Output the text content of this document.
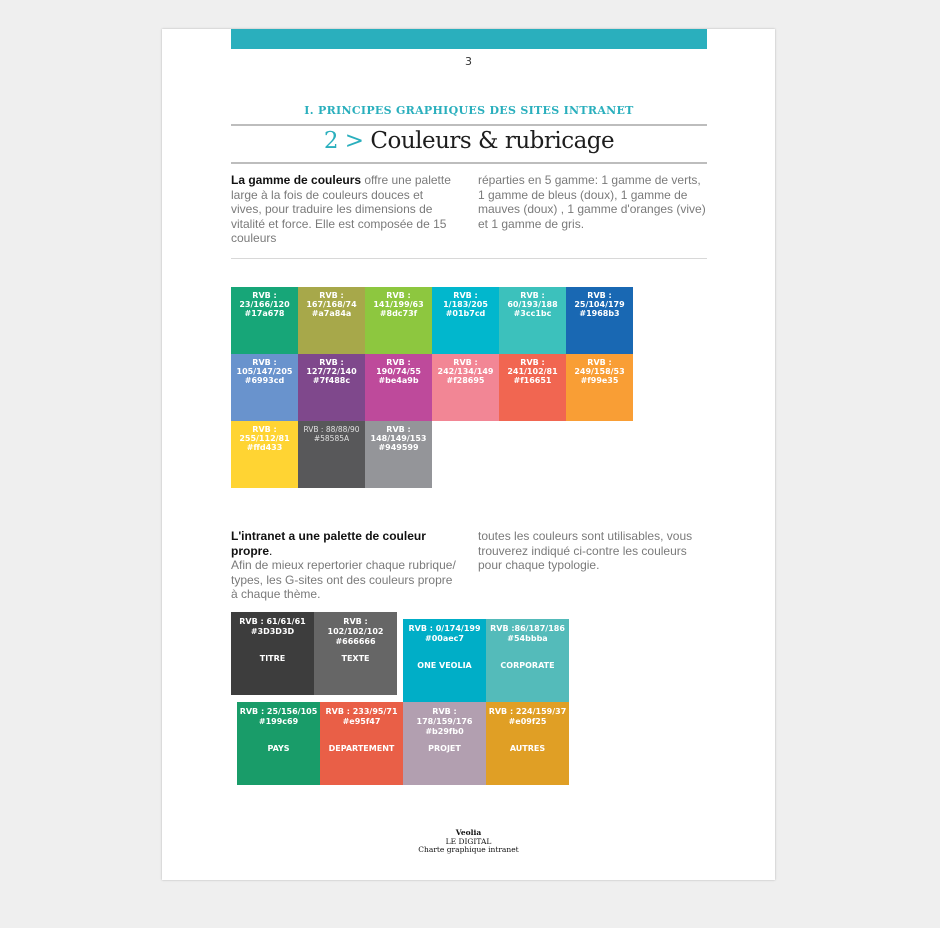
3
I. PRINCIPES GRAPHIQUES DES SITES INTRANET
2 > Couleurs & rubricage
La gamme de couleurs offre une palette large à la fois de couleurs douces et vives, pour traduire les dimensions de vitalité et force. Elle est composée de 15 couleurs
réparties en 5 gamme: 1 gamme de verts, 1 gamme de bleus (doux), 1 gamme de mauves (doux) , 1 gamme d'oranges (vive) et 1 gamme de gris.
RVB :
23/166/120
#17a678
RVB :
167/168/74
#a7a84a
RVB :
141/199/63
#8dc73f
RVB :
1/183/205
#01b7cd
RVB :
60/193/188
#3cc1bc
RVB :
25/104/179
#1968b3
RVB :
105/147/205
#6993cd
RVB :
127/72/140
#7f488c
RVB :
190/74/55
#be4a9b
RVB :
242/134/149
#f28695
RVB :
241/102/81
#f16651
RVB :
249/158/53
#f99e35
RVB :
255/112/81
#ffd433
RVB : 88/88/90
#58585A
RVB :
148/149/153
#949599
L'intranet a une palette de couleur propre.
Afin de mieux repertorier chaque rubrique/ types, les G-sites ont des couleurs propre à chaque thème.
toutes les couleurs sont utilisables, vous trouverez indiqué ci-contre les couleurs pour chaque typologie.
RVB : 61/61/61
#3D3D3D
TITRE
RVB : 102/102/102
#666666
TEXTE
RVB : 0/174/199
#00aec7
ONE VEOLIA
RVB :86/187/186
#54bbba
CORPORATE
RVB : 25/156/105
#199c69
PAYS
RVB : 233/95/71
#e95f47
DEPARTEMENT
RVB : 178/159/176
#b29fb0
PROJET
RVB : 224/159/37
#e09f25
AUTRES
Veolia
LE DIGITAL
Charte graphique intranet
